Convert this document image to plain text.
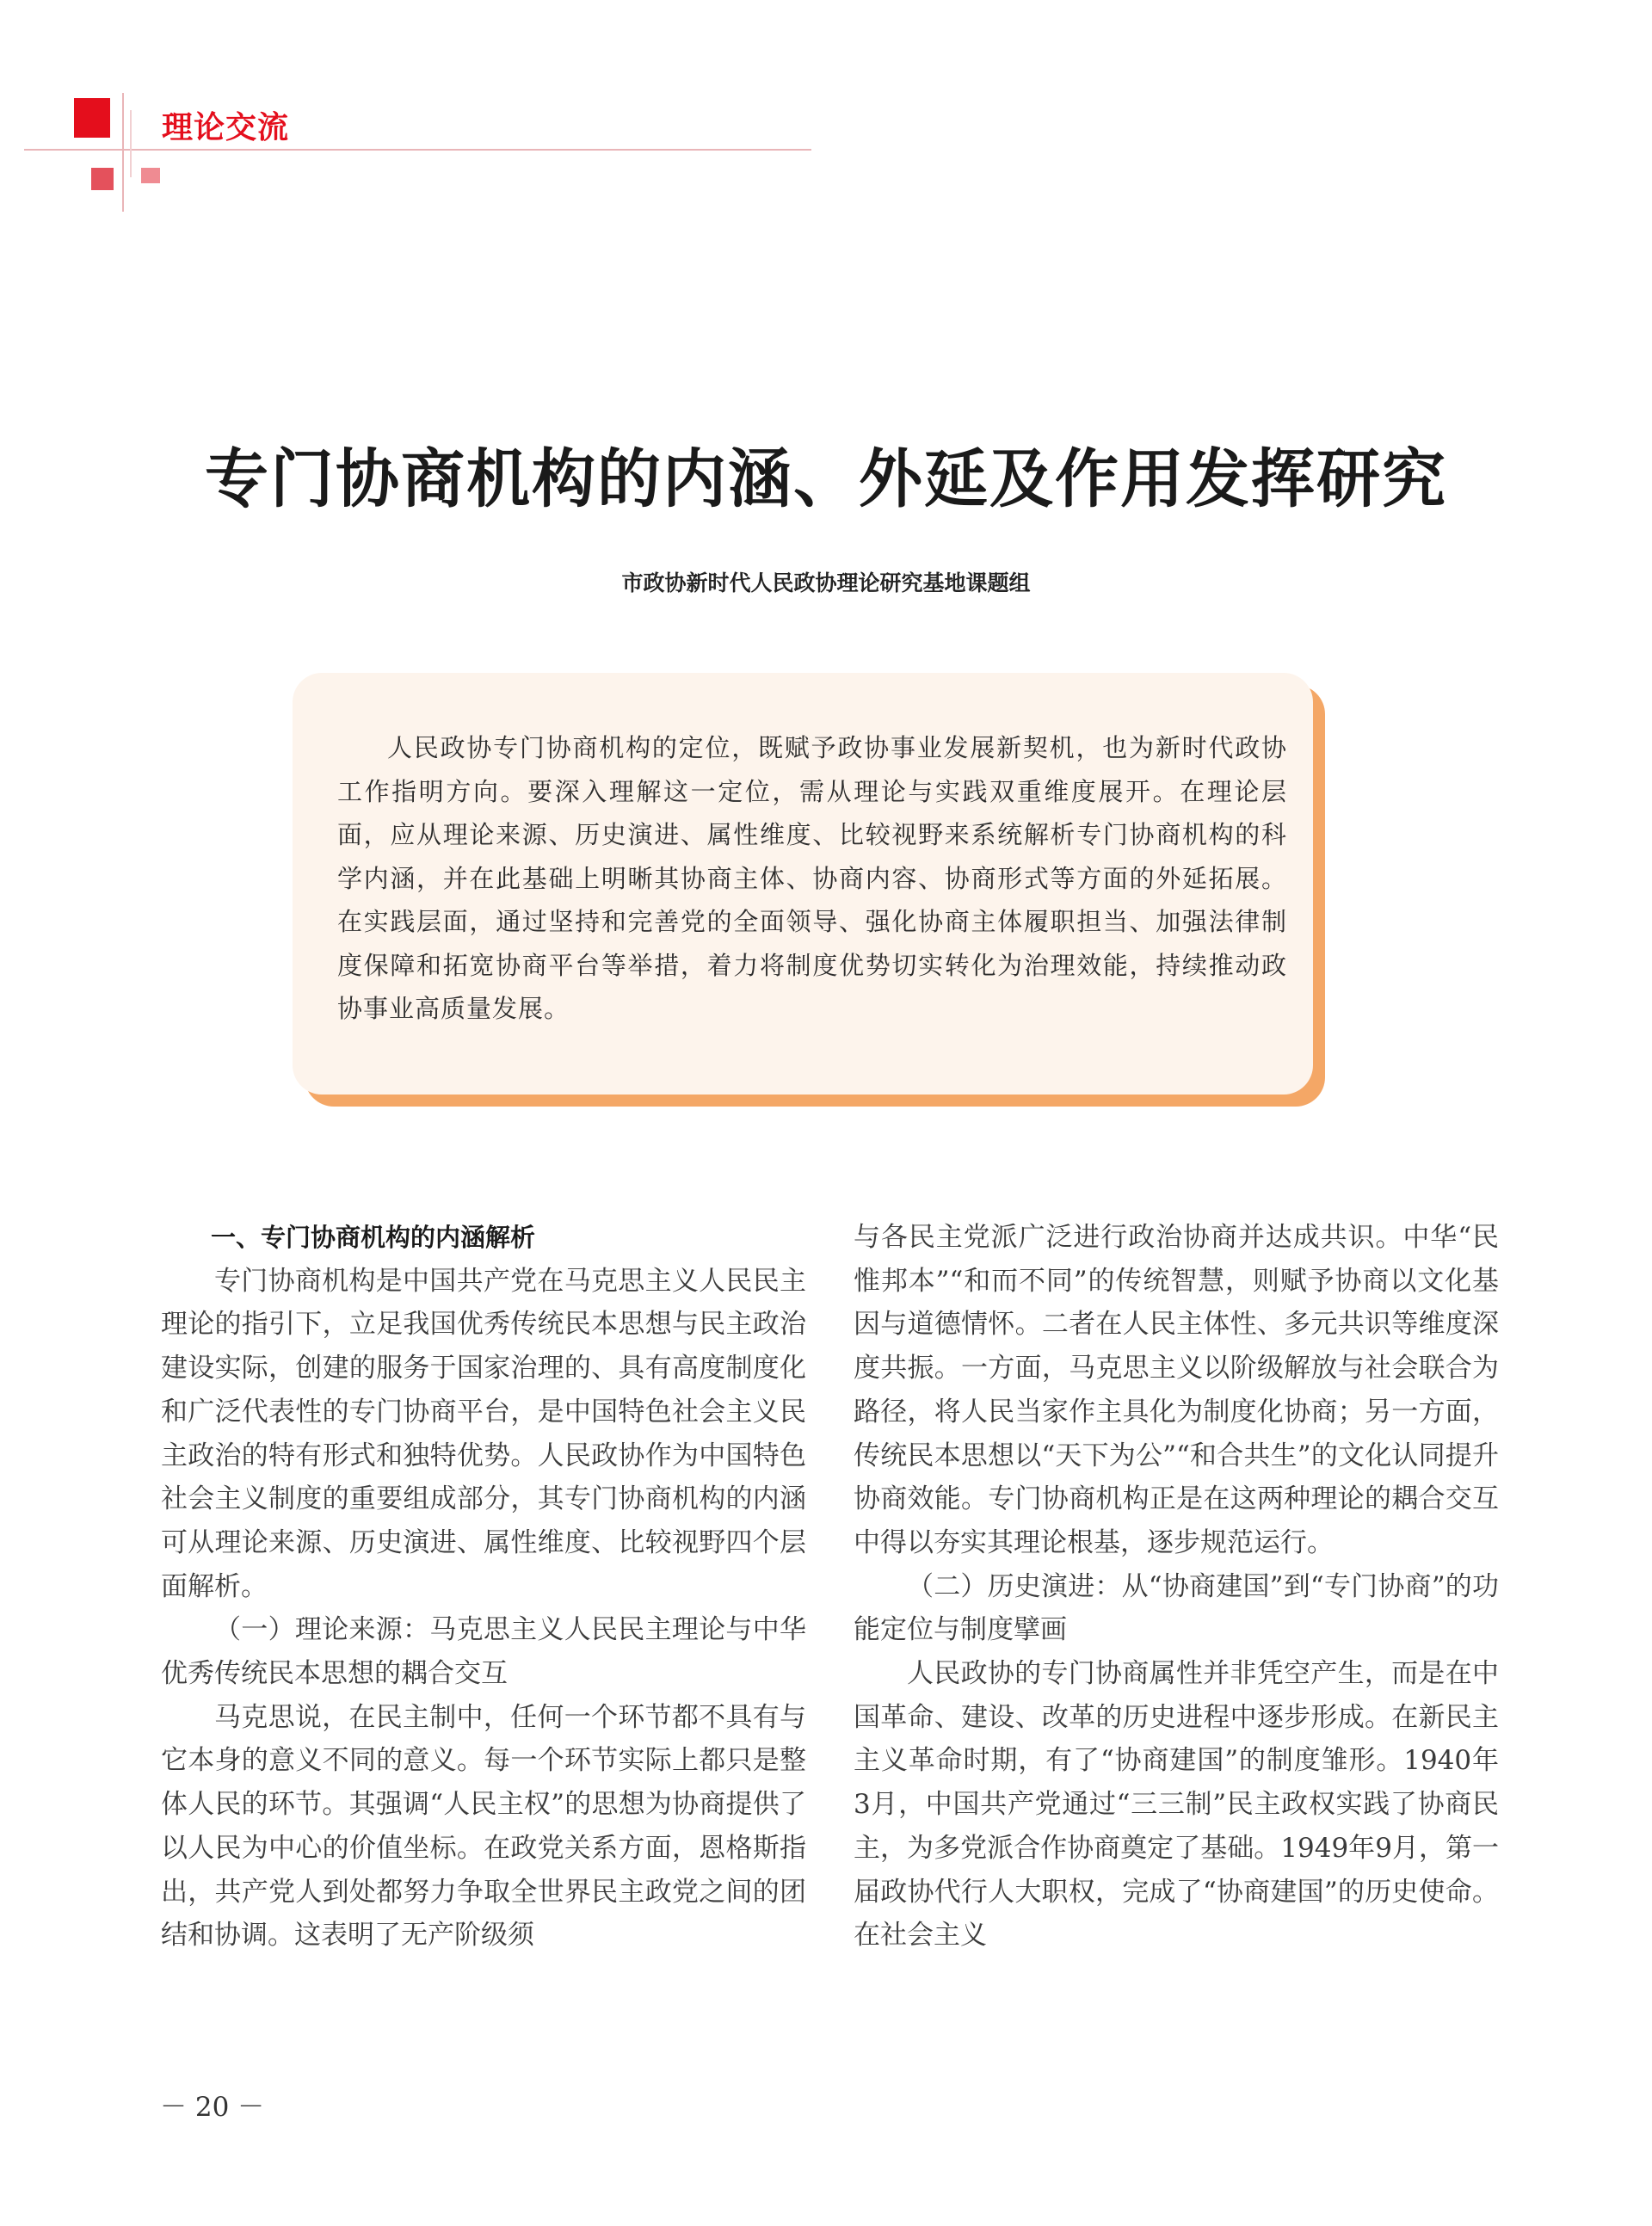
理论交流
专门协商机构的内涵、外延及作用发挥研究
市政协新时代人民政协理论研究基地课题组

人民政协专门协商机构的定位，既赋予政协事业发展新契机，也为新时代政协工作指明方向。要深入理解这一定位，需从理论与实践双重维度展开。在理论层面，应从理论来源、历史演进、属性维度、比较视野来系统解析专门协商机构的科学内涵，并在此基础上明晰其协商主体、协商内容、协商形式等方面的外延拓展。在实践层面，通过坚持和完善党的全面领导、强化协商主体履职担当、加强法律制度保障和拓宽协商平台等举措，着力将制度优势切实转化为治理效能，持续推动政协事业高质量发展。

一、专门协商机构的内涵解析

专门协商机构是中国共产党在马克思主义人民民主理论的指引下，立足我国优秀传统民本思想与民主政治建设实际，创建的服务于国家治理的、具有高度制度化和广泛代表性的专门协商平台，是中国特色社会主义民主政治的特有形式和独特优势。人民政协作为中国特色社会主义制度的重要组成部分，其专门协商机构的内涵可从理论来源、历史演进、属性维度、比较视野四个层面解析。

（一）理论来源：马克思主义人民民主理论与中华优秀传统民本思想的耦合交互

马克思说，在民主制中，任何一个环节都不具有与它本身的意义不同的意义。每一个环节实际上都只是整体人民的环节。其强调“人民主权”的思想为协商提供了以人民为中心的价值坐标。在政党关系方面，恩格斯指出，共产党人到处都努力争取全世界民主政党之间的团结和协调。这表明了无产阶级须

与各民主党派广泛进行政治协商并达成共识。中华“民惟邦本”“和而不同”的传统智慧，则赋予协商以文化基因与道德情怀。二者在人民主体性、多元共识等维度深度共振。一方面，马克思主义以阶级解放与社会联合为路径，将人民当家作主具化为制度化协商；另一方面，传统民本思想以“天下为公”“和合共生”的文化认同提升协商效能。专门协商机构正是在这两种理论的耦合交互中得以夯实其理论根基，逐步规范运行。

（二）历史演进：从“协商建国”到“专门协商”的功能定位与制度擘画

人民政协的专门协商属性并非凭空产生，而是在中国革命、建设、改革的历史进程中逐步形成。在新民主主义革命时期，有了“协商建国”的制度雏形。1940年3月，中国共产党通过“三三制”民主政权实践了协商民主，为多党派合作协商奠定了基础。1949年9月，第一届政协代行人大职权，完成了“协商建国”的历史使命。在社会主义

－ 20 －
